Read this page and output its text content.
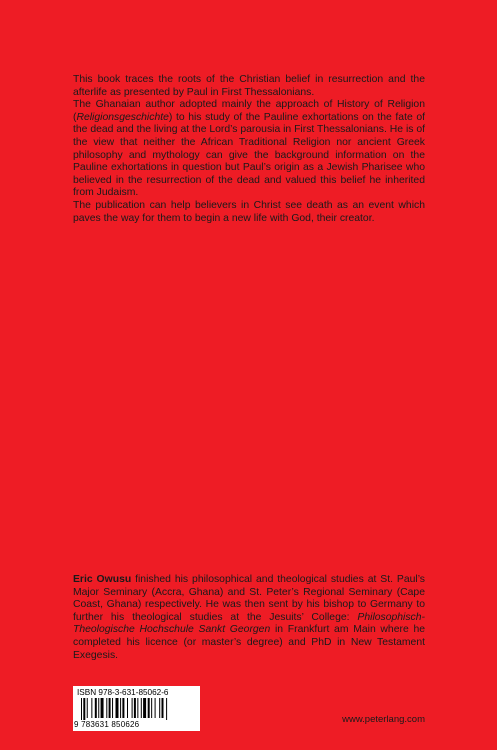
This book traces the roots of the Christian belief in resurrection and the afterlife as presented by Paul in First Thessalonians.

The Ghanaian author adopted mainly the approach of History of Religion (Religionsgeschichte) to his study of the Pauline exhortations on the fate of the dead and the living at the Lord’s parousia in First Thessalonians. He is of the view that neither the African Traditional Religion nor ancient Greek philosophy and mythology can give the background information on the Pauline exhortations in question but Paul’s origin as a Jewish Pharisee who believed in the resurrection of the dead and valued this belief he inherited from Judaism.

The publication can help believers in Christ see death as an event which paves the way for them to begin a new life with God, their creator.

Eric Owusu finished his philosophical and theological studies at St. Paul’s Major Seminary (Accra, Ghana) and St. Peter’s Regional Seminary (Cape Coast, Ghana) respectively. He was then sent by his bishop to Germany to further his theological studies at the Jesuits’ College: Philosophisch-Theologische Hochschule Sankt Georgen in Frankfurt am Main where he completed his licence (or master’s degree) and PhD in New Testament Exegesis.

ISBN 978-3-631-85062-6
9 783631 850626	www.peterlang.com
